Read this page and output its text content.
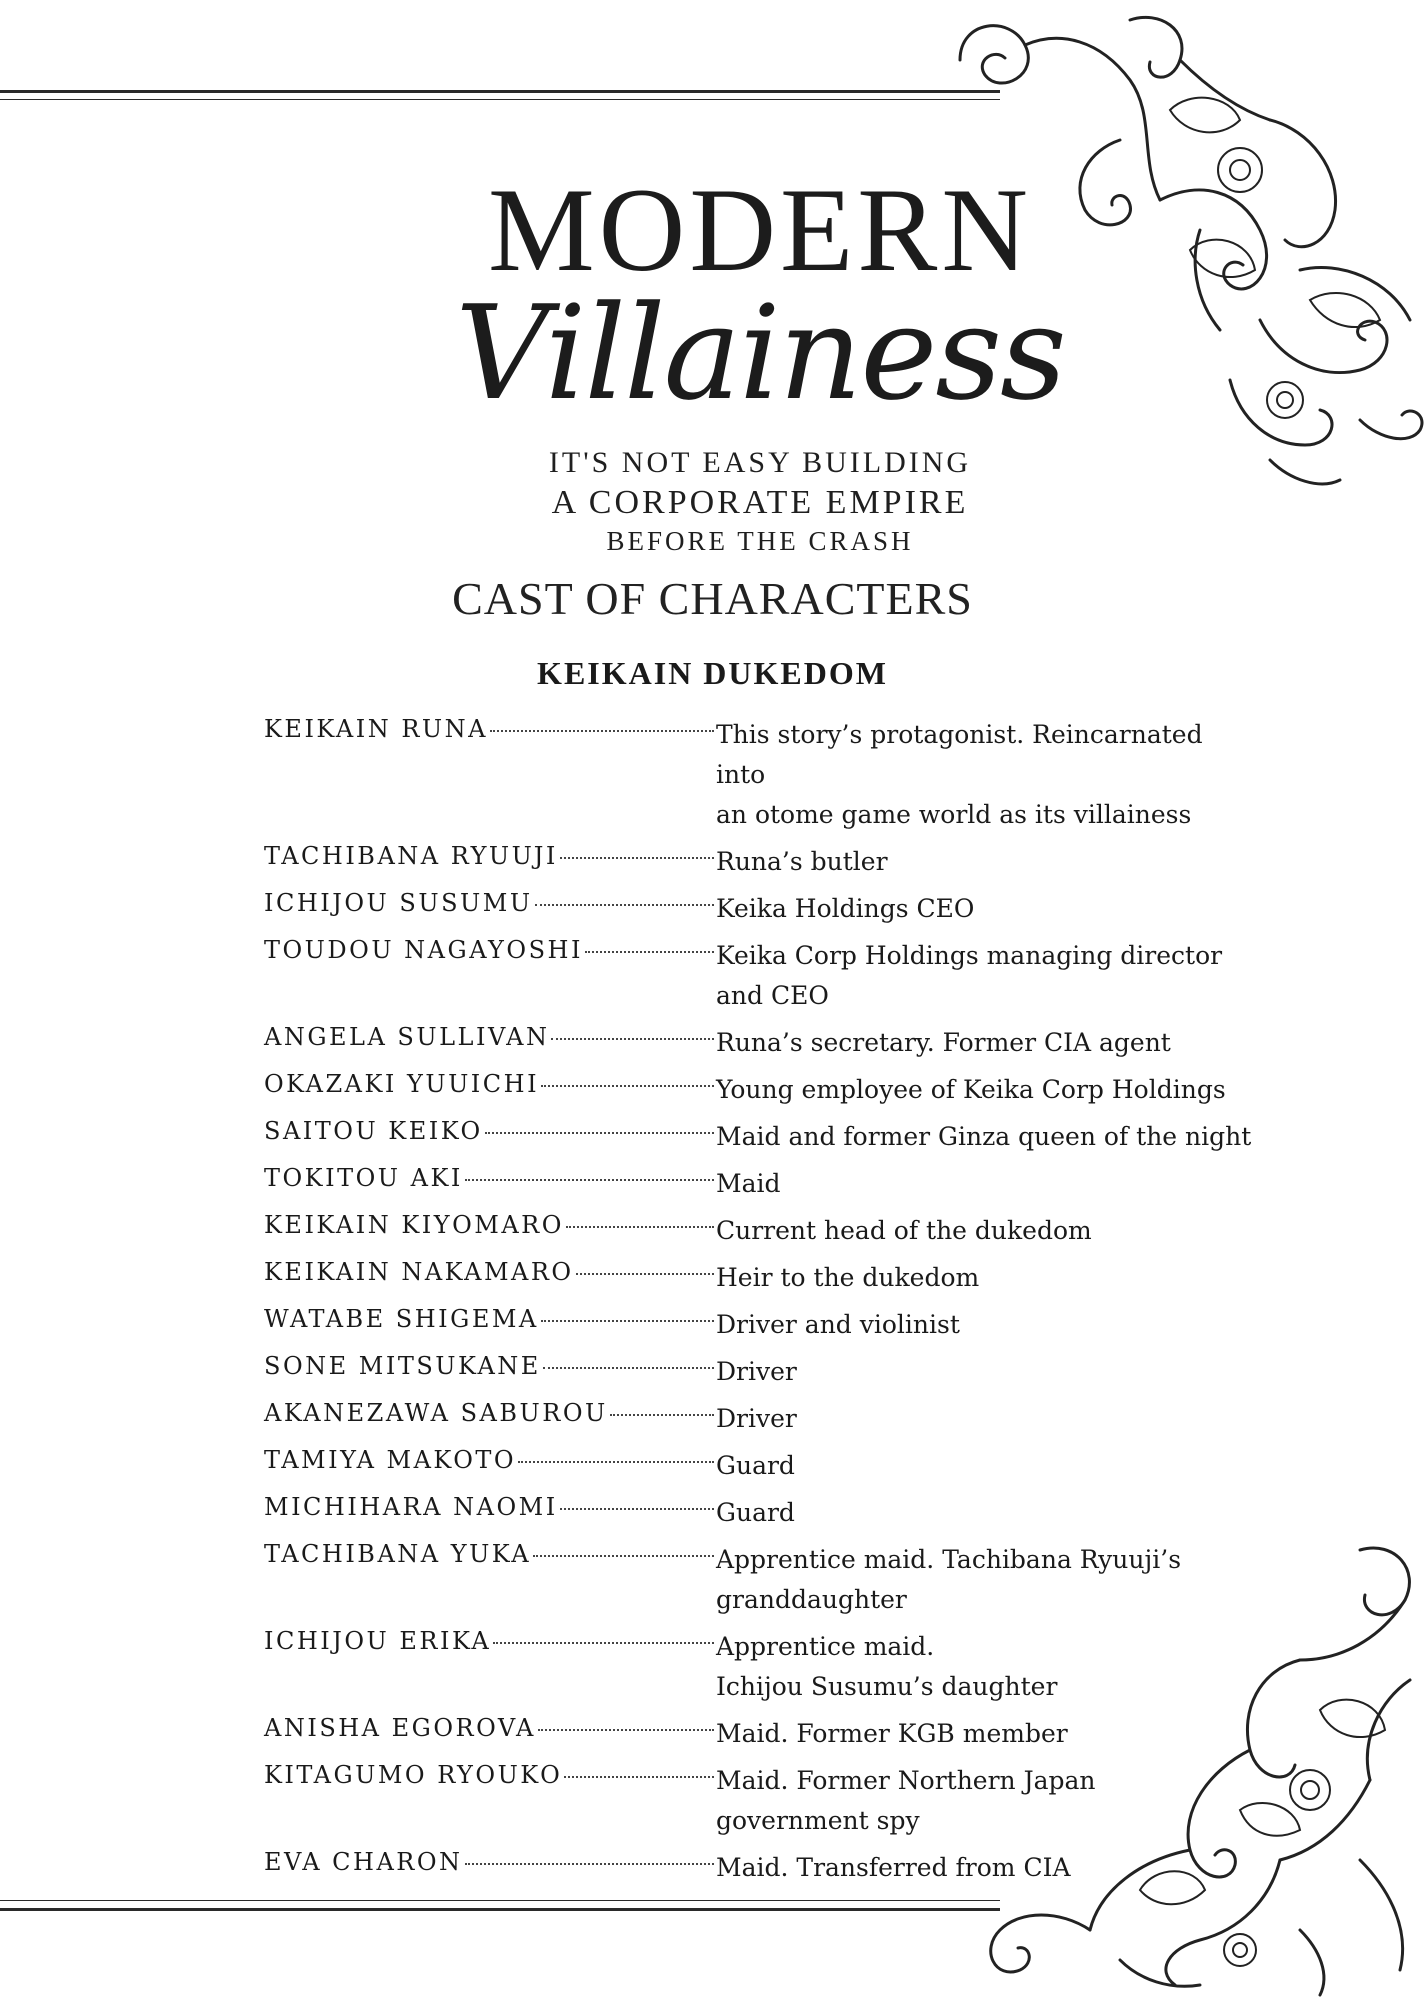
MODERN
Villainess
IT'S NOT EASY BUILDING
A CORPORATE EMPIRE
BEFORE THE CRASH
CAST OF CHARACTERS
KEIKAIN DUKEDOM
KEIKAIN RUNA	This story’s protagonist. Reincarnated into
an otome game world as its villainess
TACHIBANA RYUUJI	Runa’s butler
ICHIJOU SUSUMU	Keika Holdings CEO
TOUDOU NAGAYOSHI	Keika Corp Holdings managing director
and CEO
ANGELA SULLIVAN	Runa’s secretary. Former CIA agent
OKAZAKI YUUICHI	Young employee of Keika Corp Holdings
SAITOU KEIKO	Maid and former Ginza queen of the night
TOKITOU AKI	Maid
KEIKAIN KIYOMARO	Current head of the dukedom
KEIKAIN NAKAMARO	Heir to the dukedom
WATABE SHIGEMA	Driver and violinist
SONE MITSUKANE	Driver
AKANEZAWA SABUROU	Driver
TAMIYA MAKOTO	Guard
MICHIHARA NAOMI	Guard
TACHIBANA YUKA	Apprentice maid. Tachibana Ryuuji’s
granddaughter
ICHIJOU ERIKA	Apprentice maid.
Ichijou Susumu’s daughter
ANISHA EGOROVA	Maid. Former KGB member
KITAGUMO RYOUKO	Maid. Former Northern Japan
government spy
EVA CHARON	Maid. Transferred from CIA
